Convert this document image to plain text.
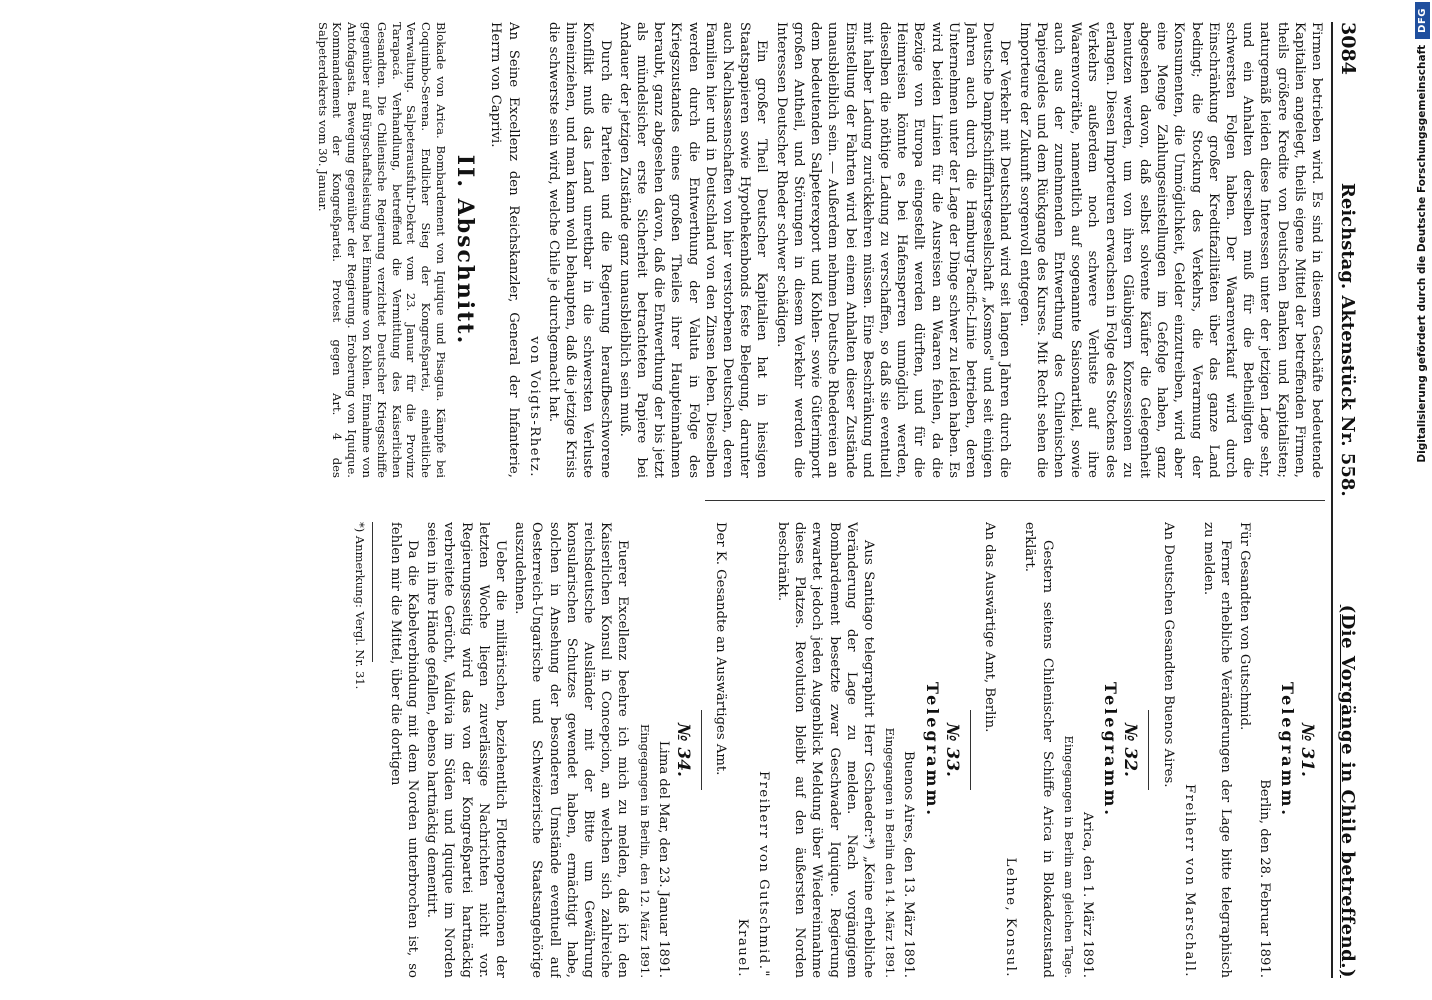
3084
Reichstag. Aktenstück Nr. 558.
(Die Vorgänge in Chile betreffend.)

Firmen betrieben wird. Es sind in diesem Geschäfte bedeutende Kapitalien angelegt, theils eigene Mittel der betreffenden Firmen, theils größere Kredite von Deutschen Banken und Kapitalisten; naturgemäß leiden diese Interessen unter der jetzigen Lage sehr, und ein Anhalten derselben muß für die Betheiligten die schwersten Folgen haben. Der Waarenverkauf wird durch Einschränkung großer Kreditfazilitäten über das ganze Land bedingt; die Stockung des Verkehrs, die Verarmung der Konsumenten, die Unmöglichkeit, Gelder einzutreiben, wird aber eine Menge Zahlungseinstellungen im Gefolge haben, ganz abgesehen davon, daß selbst solvente Käufer die Gelegenheit benutzen werden, um von ihren Gläubigern Konzessionen zu erlangen. Diesen Importeuren erwachsen in Folge des Stockens des Verkehrs außerdem noch schwere Verluste auf ihre Waarenvorräthe, namentlich auf sogenannte Saisonartikel, sowie auch aus der zunehmenden Entwerthung des Chilenischen Papiergeldes und dem Rückgange des Kurses. Mit Recht sehen die Importeure der Zukunft sorgenvoll entgegen.

Der Verkehr mit Deutschland wird seit langen Jahren durch die Deutsche Dampfschifffahrtsgesellschaft „Kosmos" und seit einigen Jahren auch durch die Hamburg-Pacific-Linie betrieben, deren Unternehmen unter der Lage der Dinge schwer zu leiden haben. Es wird beiden Linien für die Ausreisen an Waaren fehlen, da die Bezüge von Europa eingestellt werden dürften, und für die Heimreisen könnte es bei Hafensperren unmöglich werden, dieselben die nöthige Ladung zu verschaffen, so daß sie eventuell mit halber Ladung zurückkehren müssen. Eine Beschränkung und Einstellung der Fahrten wird bei einem Anhalten dieser Zustände unausbleiblich sein. — Außerdem nehmen Deutsche Rhedereien an dem bedeutenden Salpeterexport und Kohlen- sowie Güterimport großen Antheil, und Störungen in diesem Verkehr werden die Interessen Deutscher Rheder schwer schädigen.

Ein großer Theil Deutscher Kapitalien hat in hiesigen Staatspapieren sowie Hypothekenbonds feste Belegung, darunter auch Nachlassenschaften von hier verstorbenen Deutschen, deren Familien hier und in Deutschland von den Zinsen leben. Dieselben werden durch die Entwerthung der Valuta in Folge des Kriegszustandes eines großen Theiles ihrer Haupteinnahmen beraubt, ganz abgesehen davon, daß die Entwerthung der bis jetzt als mündelsicher erste Sicherheit betrachteten Papiere bei Andauer der jetzigen Zustände ganz unausbleiblich sein muß.

Durch die Parteien und die Regierung heraufbeschworene Konflikt muß das Land unrettbar in die schwersten Verluste hineinziehen, und man kann wohl behaupten, daß die jetzige Krisis die schwerste sein wird, welche Chile je durchgemacht hat.

von Voigts-Rhetz.

An Seine Excellenz den Reichskanzler, General der Infanterie, Herrn von Caprivi.

II. Abschnitt.

Blokade von Arica. Bombardement von Iquique und Pisagua. Kämpfe bei Coquimbo-Serena. Endlicher Sieg der Kongreßpartei, einheitliche Verwaltung. Salpeterausfuhr-Dekret vom 23. Januar für die Provinz Tarapacá. Verhandlung, betreffend die Vermittlung des Kaiserlichen Gesandten. Die Chilenische Regierung verzichtet Deutscher Kriegsschiffe gegenüber auf Bürgschaftsleistung bei Einnahme von Kohlen. Einnahme von Antofagasta. Bewegung gegenüber der Regierung. Eroberung von Iquique. Kommandement der Kongreßpartei. Protest gegen Art. 4 des Salpeterdekrets vom 30. Januar.

№ 31.
Telegramm.

Berlin, den 28. Februar 1891.

Für Gesandten von Gutschmid.

Ferner erhebliche Veränderungen der Lage bitte telegraphisch zu melden.

Freiherr von Marschall.

An Deutschen Gesandten Buenos Aires.

№ 32.
Telegramm.

Arica, den 1. März 1891.

Eingegangen in Berlin am gleichen Tage.

Gestern seitens Chilenischer Schiffe Arica in Blokadezustand erklärt.

Lehne, Konsul.

An das Auswärtige Amt, Berlin.

№ 33.
Telegramm.

Buenos Aires, den 13. März 1891.

Eingegangen in Berlin den 14. März 1891.

Aus Santiago telegraphirt Herr Gschaeder:*) „Keine erhebliche Veränderung der Lage zu melden. Nach vorgängigem Bombardement besetzte zwar Geschwader Iquique. Regierung erwartet jedoch jeden Augenblick Meldung über Wiedereinnahme dieses Platzes. Revolution bleibt auf den äußersten Norden beschränkt.

Freiherr von Gutschmid."

Krauel.

Der K. Gesandte an Auswärtiges Amt.

№ 34.

Lima del Mar, den 23. Januar 1891.

Eingegangen in Berlin, den 12. März 1891.

Euerer Excellenz beehre ich mich zu melden, daß ich den Kaiserlichen Konsul in Concepcion, an welchen sich zahlreiche reichsdeutsche Ausländer mit der Bitte um Gewährung konsularischen Schutzes gewendet haben, ermächtigt habe, solchen in Ansehung der besonderen Umstände eventuell auf Oesterreich-Ungarische und Schweizerische Staatsangehörige auszudehnen.

Ueber die militärischen, beziehentlich Flottenoperationen der letzten Woche liegen zuverlässige Nachrichten nicht vor. Regierungsseitig wird das von der Kongreßpartei hartnäckig verbreitete Gerücht, Valdivia im Süden und Iquique im Norden seien in ihre Hände gefallen, ebenso hartnäckig dementirt.

Da die Kabelverbindung mit dem Norden unterbrochen ist, so fehlen mir die Mittel, über die dortigen

*) Anmerkung: Vergl. Nr. 31.

Digitalisierung gefördert durch die Deutsche Forschungsgemeinschaft
DFG
